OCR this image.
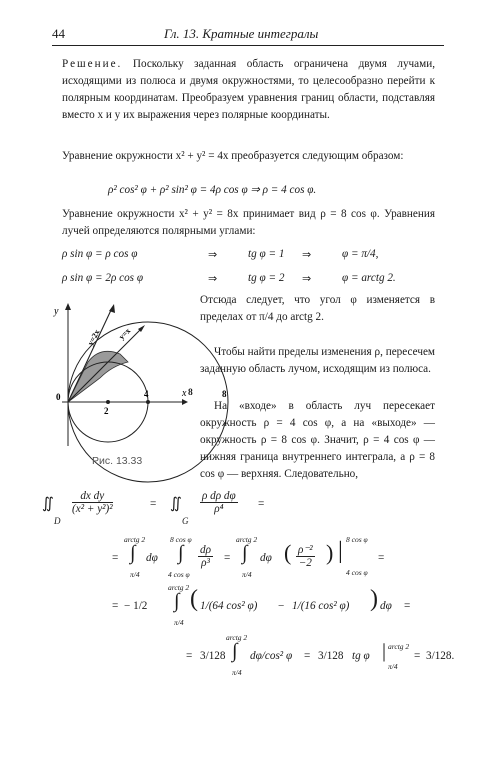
44	Гл. 13. Кратные интегралы
Решение. Поскольку заданная область ограничена двумя лучами, исходящими из полюса и двумя окружностями, то целесообразно перейти к полярным координатам. Преобразуем уравнения границ области, подставляя вместо x и y их выражения через полярные координаты.
Уравнение окружности x² + y² = 4x преобразуется следующим образом:
ρ² cos² φ + ρ² sin² φ = 4ρ cos φ ⇒ ρ = 4 cos φ.
Уравнение окружности x² + y² = 8x принимает вид ρ = 8 cos φ. Уравнения лучей определяются полярными углами:
ρ sin φ = ρ cos φ	⇒	tg φ = 1 ⇒	φ = π/4,
ρ sin φ = 2ρ cos φ	⇒	tg φ = 2 ⇒	φ = arctg 2.
y
x
0
2
4	8
y=2x y=x
8
Рис. 13.33
Отсюда следует, что угол φ изменяется в пределах от π/4 до arctg 2.
Чтобы найти пределы изменения ρ, пересечем заданную область лучом, исходящим из полюса.
На «входе» в область луч пересекает окружность ρ = 4 cos φ, а на «выходе» — окружность ρ = 8 cos φ. Значит, ρ = 4 cos φ — нижняя граница внутреннего интеграла, а ρ = 8 cos φ — верхняя. Следовательно,
∬
D
$\frac{\text{dx dy}}{\text{(x² + y²)²}}$	= ∬
G
$\frac{\text{ρ dρ dφ}}{\text{ρ⁴}}$ =
=
arctg 2
∫
π/4
dφ
8 cos φ
∫
4 cos φ
$\frac{d\rho}{\text{ρ³}}$ =
arctg 2
∫
π/4
dφ ( $\frac{\text{ρ⁻²}}{-2}$ ) | 8 cos φ
4 cos φ
=
= − 1/2
arctg 2
∫
π/4
( 1/(64 cos² φ) − 1/(16 cos² φ) ) dφ =
= 3/128
arctg 2
∫
π/4
dφ/cos² φ = 3/128 tg φ | arctg 2
π/4
= 3/128.
